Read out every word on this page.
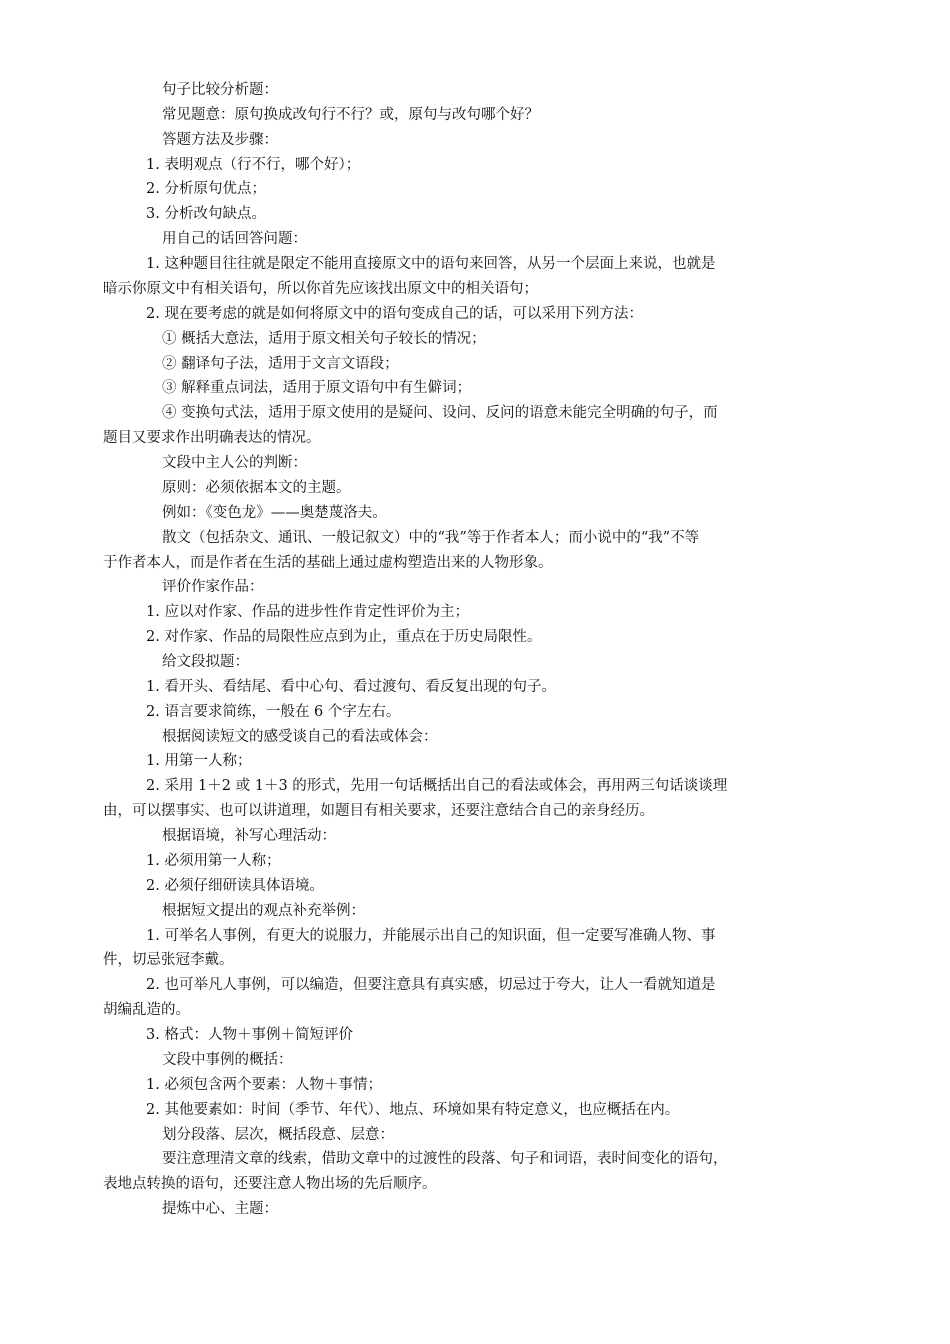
句子比较分析题：
常见题意：原句换成改句行不行？或，原句与改句哪个好？
答题方法及步骤：
1. 表明观点（行不行，哪个好）；
2. 分析原句优点；
3. 分析改句缺点。
用自己的话回答问题：
1. 这种题目往往就是限定不能用直接原文中的语句来回答，从另一个层面上来说，也就是
暗示你原文中有相关语句，所以你首先应该找出原文中的相关语句；
2. 现在要考虑的就是如何将原文中的语句变成自己的话，可以采用下列方法：
① 概括大意法，适用于原文相关句子较长的情况；
② 翻译句子法，适用于文言文语段；
③ 解释重点词法，适用于原文语句中有生僻词；
④ 变换句式法，适用于原文使用的是疑问、设问、反问的语意未能完全明确的句子，而
题目又要求作出明确表达的情况。
文段中主人公的判断：
原则：必须依据本文的主题。
例如：《变色龙》——奥楚蔑洛夫。
散文（包括杂文、通讯、一般记叙文）中的“我”等于作者本人；而小说中的“我”不等
于作者本人，而是作者在生活的基础上通过虚构塑造出来的人物形象。
评价作家作品：
1. 应以对作家、作品的进步性作肯定性评价为主；
2. 对作家、作品的局限性应点到为止，重点在于历史局限性。
给文段拟题：
1. 看开头、看结尾、看中心句、看过渡句、看反复出现的句子。
2. 语言要求简练，一般在 6 个字左右。
根据阅读短文的感受谈自己的看法或体会：
1. 用第一人称；
2. 采用 1＋2 或 1＋3 的形式，先用一句话概括出自己的看法或体会，再用两三句话谈谈理
由，可以摆事实、也可以讲道理，如题目有相关要求，还要注意结合自己的亲身经历。
根据语境，补写心理活动：
1. 必须用第一人称；
2. 必须仔细研读具体语境。
根据短文提出的观点补充举例：
1. 可举名人事例，有更大的说服力，并能展示出自己的知识面，但一定要写准确人物、事
件，切忌张冠李戴。
2. 也可举凡人事例，可以编造，但要注意具有真实感，切忌过于夸大，让人一看就知道是
胡编乱造的。
3. 格式：人物＋事例＋简短评价
文段中事例的概括：
1. 必须包含两个要素：人物＋事情；
2. 其他要素如：时间（季节、年代）、地点、环境如果有特定意义，也应概括在内。
划分段落、层次，概括段意、层意：
要注意理清文章的线索，借助文章中的过渡性的段落、句子和词语，表时间变化的语句，
表地点转换的语句，还要注意人物出场的先后顺序。
提炼中心、主题：
